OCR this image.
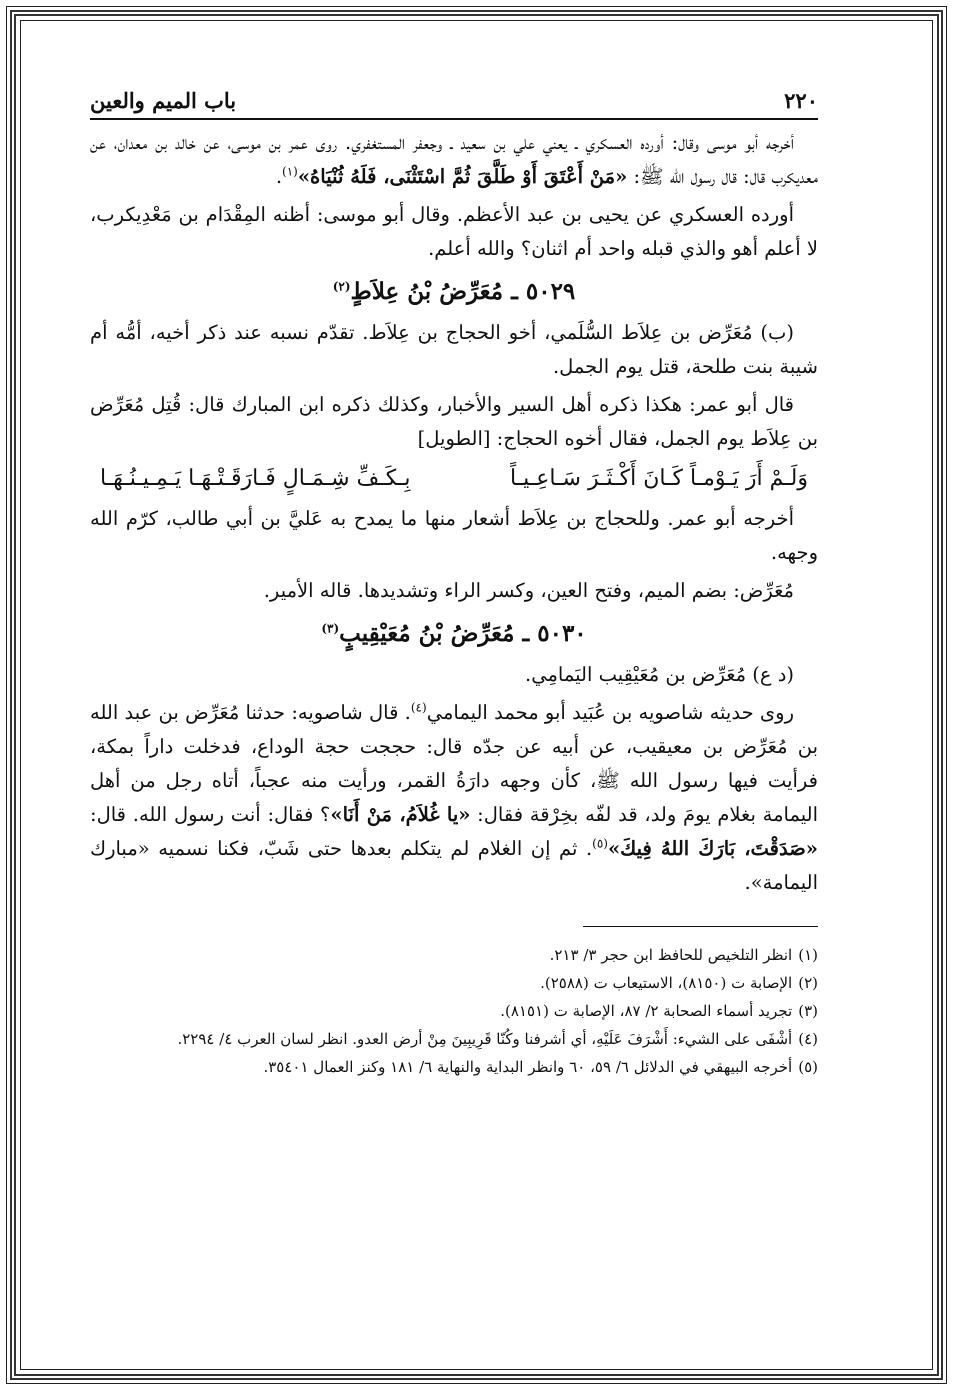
٢٢٠
باب الميم والعين

أخرجه أبو موسى وقال: أورده العسكري ـ يعني علي بن سعيد ـ وجعفر المستغفري. روى عمر بن موسى، عن خالد بن معدان، عن معديكرب قال: قال رسول الله ﷺ: «مَنْ أَعْتَقَ أَوْ طَلَّقَ ثُمَّ اسْتَثْنَى، فَلَهُ ثُنْيَاهُ»$^{(١)}$.

أورده العسكري عن يحيى بن عبد الأعظم. وقال أبو موسى: أظنه المِقْدَام بن مَعْدِيكرب، لا أعلم أهو والذي قبله واحد أم اثنان؟ والله أعلم.

٥٠٢٩ ـ مُعَرِّضُ بْنُ عِلاَطٍ$^{(٢)}$

(ب) مُعَرِّض بن عِلاَط السُّلَمي، أخو الحجاج بن عِلاَط. تقدّم نسبه عند ذكر أخيه، أمُّه أم شيبة بنت طلحة، قتل يوم الجمل.

قال أبو عمر: هكذا ذكره أهل السير والأخبار، وكذلك ذكره ابن المبارك قال: قُتِل مُعَرِّض بن عِلاَط يوم الجمل، فقال أخوه الحجاج: [الطويل]

وَلَـمْ أَرَ يَـوْمـاً كَـانَ أَكْـثَـرَ سَـاعِـيـاً
بِـكَـفِّ شِـمَـالٍ فَـارَقَـتْـهَـا يَـمِـيـنُـهَـا

أخرجه أبو عمر. وللحجاج بن عِلاَط أشعار منها ما يمدح به عَليَّ بن أبي طالب، كرّم الله وجهه.

مُعَرِّض: بضم الميم، وفتح العين، وكسر الراء وتشديدها. قاله الأمير.

٥٠٣٠ ـ مُعَرِّضُ بْنُ مُعَيْقِيبٍ$^{(٣)}$

(د ع) مُعَرِّض بن مُعَيْقِيب اليَمامِي.

روى حديثه شاصويه بن عُبَيد أبو محمد اليمامي$^{(٤)}$. قال شاصويه: حدثنا مُعَرِّض بن عبد الله بن مُعَرِّض بن معيقيب، عن أبيه عن جدّه قال: حججت حجة الوداع، فدخلت داراً بمكة، فرأيت فيها رسول الله ﷺ، كأن وجهه دارَةُ القمر، ورأيت منه عجباً، أتاه رجل من أهل اليمامة بغلام يومَ ولد، قد لفّه بخِرْقة فقال: «يا غُلاَمُ، مَنْ أَنَا»؟ فقال: أنت رسول الله. قال: «صَدَقْتَ، بَارَكَ اللهُ فِيكَ»$^{(٥)}$. ثم إن الغلام لم يتكلم بعدها حتى شَبّ، فكنا نسميه «مبارك اليمامة».

(١)انظر التلخيص للحافظ ابن حجر ٣/ ٢١٣.

(٢)الإصابة ت (٨١٥٠)، الاستيعاب ت (٢٥٨٨).

(٣)تجريد أسماء الصحابة ٢/ ٨٧، الإصابة ت (٨١٥١).

(٤)أشْفَى على الشيء: أَشْرَفَ عَلَيْهِ، أي أشرفنا وكُنّا قَرِيبِينَ مِنْ أرض العدو. انظر لسان العرب ٤/ ٢٢٩٤.

(٥)أخرجه البيهقي في الدلائل ٦/ ٥٩، ٦٠ وانظر البداية والنهاية ٦/ ١٨١ وكنز العمال ٣٥٤٠١.
